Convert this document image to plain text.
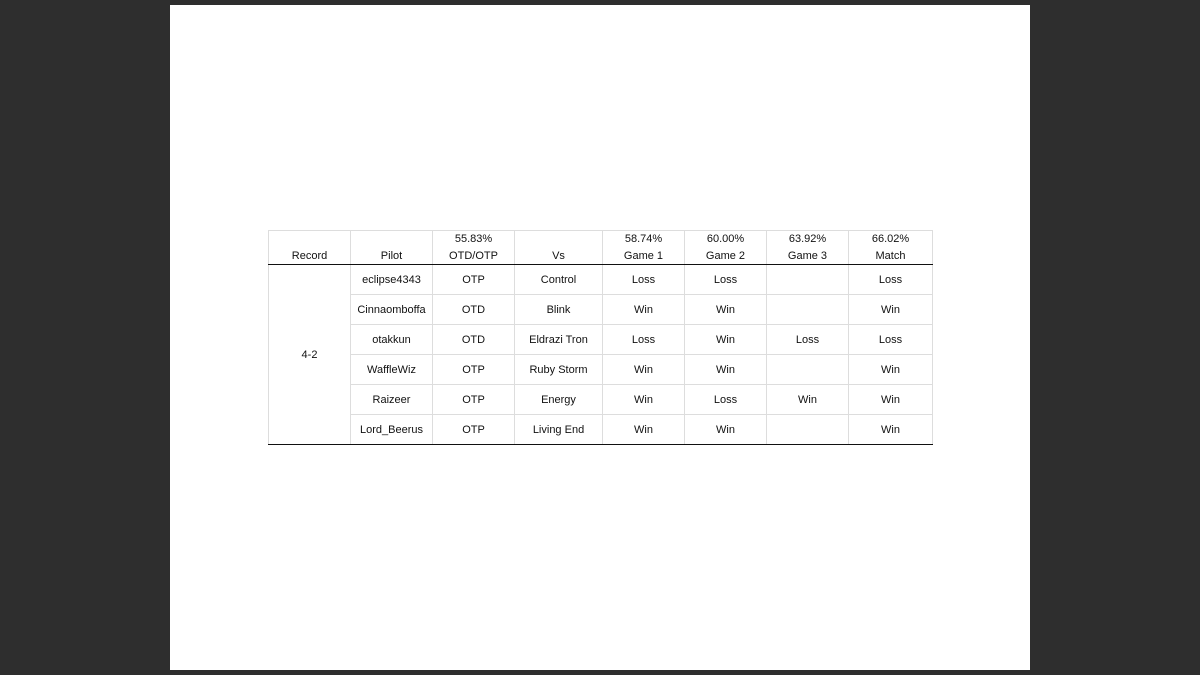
		55.83%		58.74%	60.00%	63.92%	66.02%
Record	Pilot	OTD/OTP	Vs	Game 1	Game 2	Game 3	Match
4-2	eclipse4343	OTP	Control	Loss	Loss		Loss
	Cinnaomboffa	OTD	Blink	Win	Win		Win
	otakkun	OTD	Eldrazi Tron	Loss	Win	Loss	Loss
	WaffleWiz	OTP	Ruby Storm	Win	Win		Win
	Raizeer	OTP	Energy	Win	Loss	Win	Win
	Lord_Beerus	OTP	Living End	Win	Win		Win
